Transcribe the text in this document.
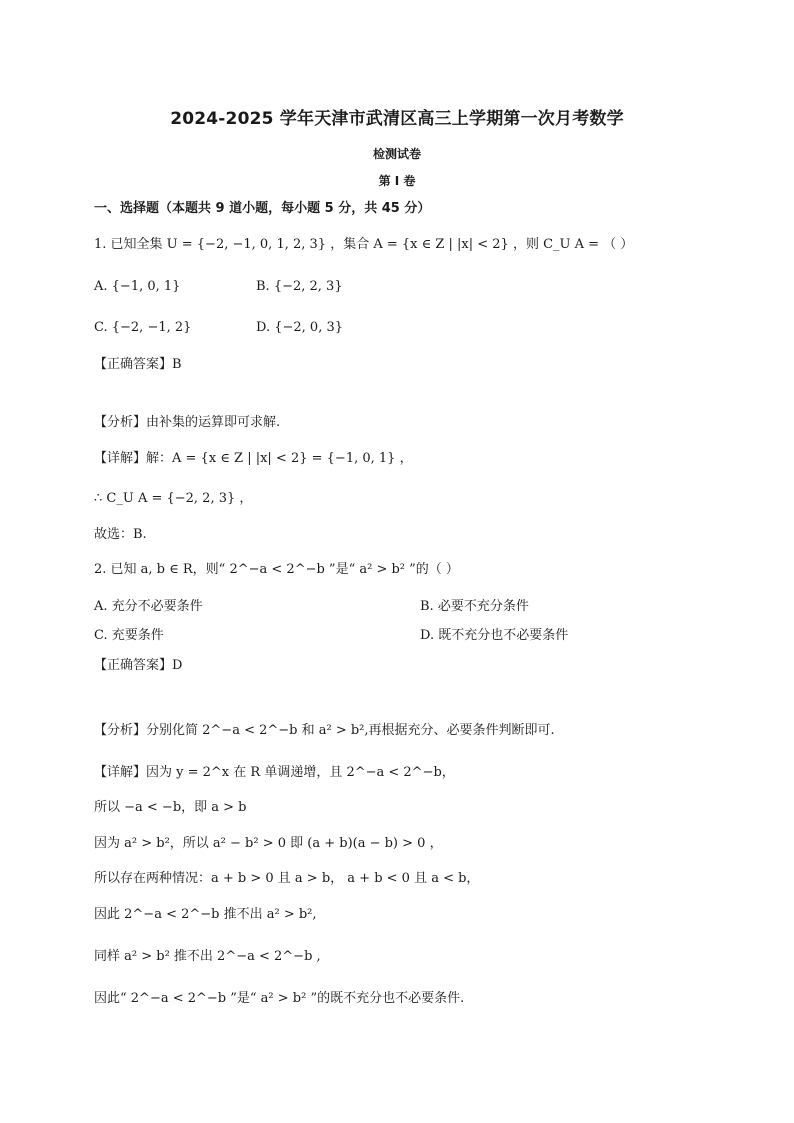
2024-2025 学年天津市武清区高三上学期第一次月考数学
检测试卷
第 I 卷
一、选择题（本题共 9 道小题，每小题 5 分，共 45 分）
1. 已知全集 U = {−2, −1, 0, 1, 2, 3} ，集合 A = {x ∈ Z | |x| < 2} ，则 C_U A = （ ）
A. {−1, 0, 1}	B. {−2, 2, 3}
C. {−2, −1, 2}	D. {−2, 0, 3}
【正确答案】B
【分析】由补集的运算即可求解.
【详解】解：A = {x ∈ Z | |x| < 2} = {−1, 0, 1} ，
∴ C_U A = {−2, 2, 3} ，
故选：B.
2. 已知 a, b ∈ R，则“ 2^−a < 2^−b ”是“ a² > b² ”的（ ）
A. 充分不必要条件	B. 必要不充分条件
C. 充要条件	D. 既不充分也不必要条件
【正确答案】D
【分析】分别化简 2^−a < 2^−b 和 a² > b²,再根据充分、必要条件判断即可.
【详解】因为 y = 2^x 在 R 单调递增，且 2^−a < 2^−b，
所以 −a < −b，即 a > b
因为 a² > b²，所以 a² − b² > 0 即 (a + b)(a − b) > 0 ，
所以存在两种情况：a + b > 0 且 a > b， a + b < 0 且 a < b，
因此 2^−a < 2^−b 推不出 a² > b²,
同样 a² > b² 推不出 2^−a < 2^−b ,
因此“ 2^−a < 2^−b ”是“ a² > b² ”的既不充分也不必要条件.
